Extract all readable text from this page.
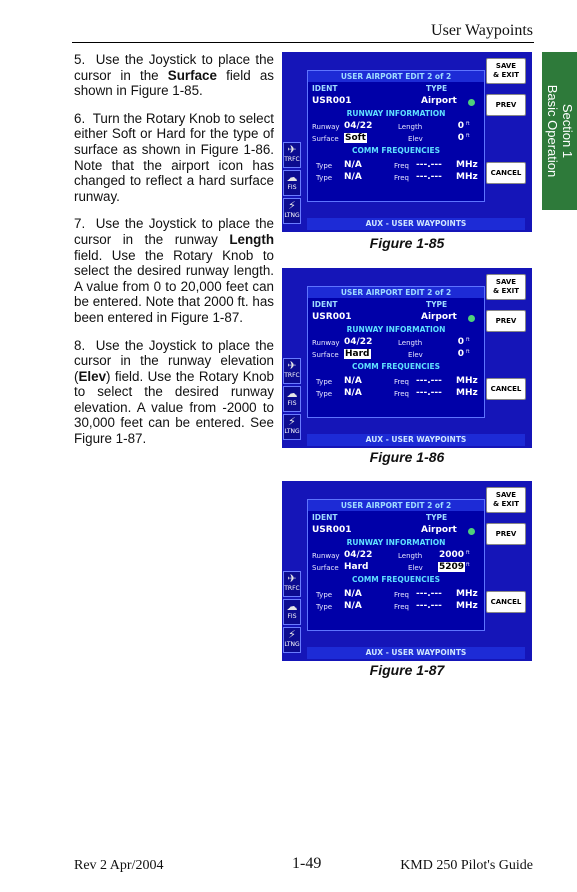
User Waypoints
Section 1
Basic Operation

5. Use the Joystick to place the cursor in the Surface field as shown in Figure 1-85.

6. Turn the Rotary Knob to select either Soft or Hard for the type of surface as shown in Figure 1-86. Note that the airport icon has changed to reflect a hard surface runway.

7. Use the Joystick to place the cursor in the runway Length field. Use the Rotary Knob to select the desired runway length. A value from 0 to 20,000 feet can be entered. Note that 2000 ft. has been entered in Figure 1-87.

8. Use the Joystick to place the cursor in the runway elevation (Elev) field. Use the Rotary Knob to select the desired runway elevation. A value from -2000 to 30,000 feet can be entered. See Figure 1-87.

✈
TRFC
☁
FIS
⚡
LTNG
USER AIRPORT EDIT 2 of 2
IDENT	TYPE
USR001	Airport
RUNWAY INFORMATION
Runway 04/22	Length	0 ft
Surface Soft	Elev	0 ft
COMM FREQUENCIES
Type N/A	Freq ---.--- MHz
Type N/A	Freq ---.--- MHz
SAVE
& EXIT
PREV
CANCEL
AUX - USER WAYPOINTS
Figure 1-85
✈
TRFC
☁
FIS
⚡
LTNG
USER AIRPORT EDIT 2 of 2
IDENT	TYPE
USR001	Airport
RUNWAY INFORMATION
Runway 04/22	Length	0 ft
Surface Hard	Elev	0 ft
COMM FREQUENCIES
Type N/A	Freq ---.--- MHz
Type N/A	Freq ---.--- MHz
SAVE
& EXIT
PREV
CANCEL
AUX - USER WAYPOINTS
Figure 1-86
✈
TRFC
☁
FIS
⚡
LTNG
USER AIRPORT EDIT 2 of 2
IDENT	TYPE
USR001	Airport
RUNWAY INFORMATION
Runway 04/22	Length 2000 ft
Surface Hard	Elev 5209 ft
COMM FREQUENCIES
Type N/A	Freq ---.--- MHz
Type N/A	Freq ---.--- MHz
SAVE
& EXIT
PREV
CANCEL
AUX - USER WAYPOINTS
Figure 1-87
Rev 2 Apr/2004	1-49	KMD 250 Pilot's Guide
